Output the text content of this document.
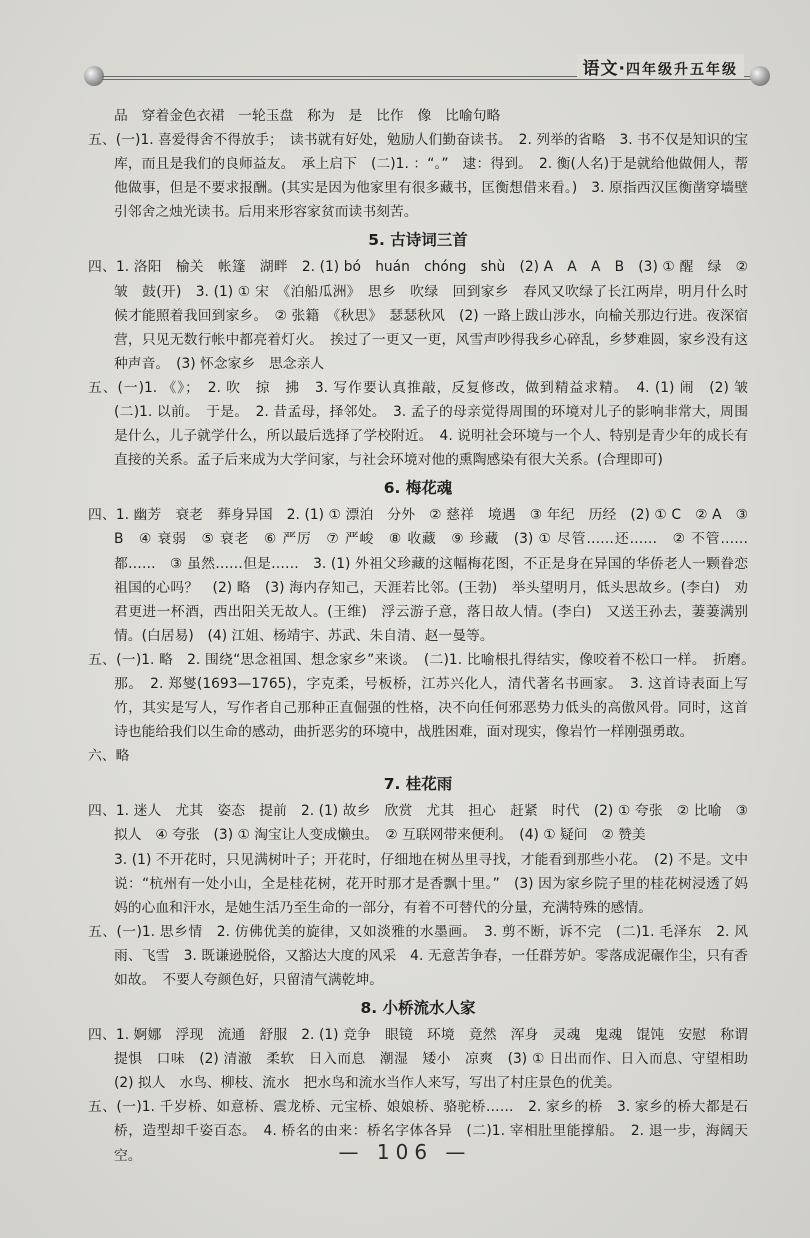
语文·四年级升五年级

品　穿着金色衣裙　一轮玉盘　称为　是　比作　像　比喻句略

五、(一)1. 喜爱得舍不得放手；　读书就有好处，勉励人们勤奋读书。　2. 列举的省略　3. 书不仅是知识的宝库，而且是我们的良师益友。　承上启下　(二)1. ：“。”　逮：得到。　2. 衡(人名)于是就给他做佣人，帮他做事，但是不要求报酬。(其实是因为他家里有很多藏书，匡衡想借来看。)　3. 原指西汉匡衡凿穿墙壁引邻舍之烛光读书。后用来形容家贫而读书刻苦。

5. 古诗词三首

四、1. 洛阳　榆关　帐篷　湖畔　2. (1) bó　huán　chóng　shù　(2) A　A　A　B　(3) ① 醒　绿　② 皱　鼓(开)　3. (1) ① 宋　《泊船瓜洲》　思乡　吹绿　回到家乡　春风又吹绿了长江两岸，明月什么时候才能照着我回到家乡。　② 张籍　《秋思》　瑟瑟秋风　(2) 一路上跋山涉水，向榆关那边行进。夜深宿营，只见无数行帐中都亮着灯火。　挨过了一更又一更，风雪声吵得我乡心碎乱，乡梦难圆，家乡没有这种声音。　(3) 怀念家乡　思念亲人

五、(一)1. 《》；　2. 吹　掠　拂　3. 写作要认真推敲，反复修改，做到精益求精。　4. (1) 闹　(2) 皱　(二)1. 以前。　于是。　2. 昔孟母，择邻处。　3. 孟子的母亲觉得周围的环境对儿子的影响非常大，周围是什么，儿子就学什么，所以最后选择了学校附近。　4. 说明社会环境与一个人、特别是青少年的成长有直接的关系。孟子后来成为大学问家，与社会环境对他的熏陶感染有很大关系。(合理即可)

6. 梅花魂

四、1. 幽芳　衰老　葬身异国　2. (1) ① 漂泊　分外　② 慈祥　境遇　③ 年纪　历经　(2) ① C　② A　③ B　④ 衰弱　⑤ 衰老　⑥ 严厉　⑦ 严峻　⑧ 收藏　⑨ 珍藏　(3) ① 尽管……还……　② 不管……都……　③ 虽然……但是……　3. (1) 外祖父珍藏的这幅梅花图，不正是身在异国的华侨老人一颗眷恋祖国的心吗？　(2) 略　(3) 海内存知己，天涯若比邻。(王勃)　举头望明月，低头思故乡。(李白)　劝君更进一杯酒，西出阳关无故人。(王维)　浮云游子意，落日故人情。(李白)　又送王孙去，萋萋满别情。(白居易)　(4) 江姐、杨靖宇、苏武、朱自清、赵一曼等。

五、(一)1. 略　2. 围绕“思念祖国、想念家乡”来谈。　(二)1. 比喻根扎得结实，像咬着不松口一样。　折磨。　那。　2. 郑燮(1693—1765)，字克柔，号板桥，江苏兴化人，清代著名书画家。　3. 这首诗表面上写竹，其实是写人，写作者自己那种正直倔强的性格，决不向任何邪恶势力低头的高傲风骨。同时，这首诗也能给我们以生命的感动，曲折恶劣的环境中，战胜困难，面对现实，像岩竹一样刚强勇敢。

六、略

7. 桂花雨

四、1. 迷人　尤其　姿态　提前　2. (1) 故乡　欣赏　尤其　担心　赶紧　时代　(2) ① 夸张　② 比喻　③ 拟人　④ 夸张　(3) ① 淘宝让人变成懒虫。　② 互联网带来便利。　(4) ① 疑问　② 赞美

3. (1) 不开花时，只见满树叶子；开花时，仔细地在树丛里寻找，才能看到那些小花。　(2) 不是。文中说：“杭州有一处小山，全是桂花树，花开时那才是香飘十里。”　(3) 因为家乡院子里的桂花树浸透了妈妈的心血和汗水，是她生活乃至生命的一部分，有着不可替代的分量，充满特殊的感情。

五、(一)1. 思乡情　2. 仿佛优美的旋律，又如淡雅的水墨画。　3. 剪不断，诉不完　(二)1. 毛泽东　2. 风雨、飞雪　3. 既谦逊脱俗，又豁达大度的风采　4. 无意苦争春，一任群芳妒。零落成泥碾作尘，只有香如故。　不要人夸颜色好，只留清气满乾坤。

8. 小桥流水人家

四、1. 婀娜　浮现　流通　舒服　2. (1) 竞争　眼镜　环境　竟然　浑身　灵魂　鬼魂　馄饨　安慰　称谓　提惧　口味　(2) 清澈　柔软　日入而息　潮湿　矮小　凉爽　(3) ① 日出而作、日入而息、守望相助　(2) 拟人　水鸟、柳枝、流水　把水鸟和流水当作人来写，写出了村庄景色的优美。

五、(一)1. 千岁桥、如意桥、震龙桥、元宝桥、娘娘桥、骆驼桥……　2. 家乡的桥　3. 家乡的桥大都是石桥，造型却千姿百态。　4. 桥名的由来：桥名字体各异　(二)1. 宰相肚里能撑船。　2. 退一步，海阔天空。	— 106 —
